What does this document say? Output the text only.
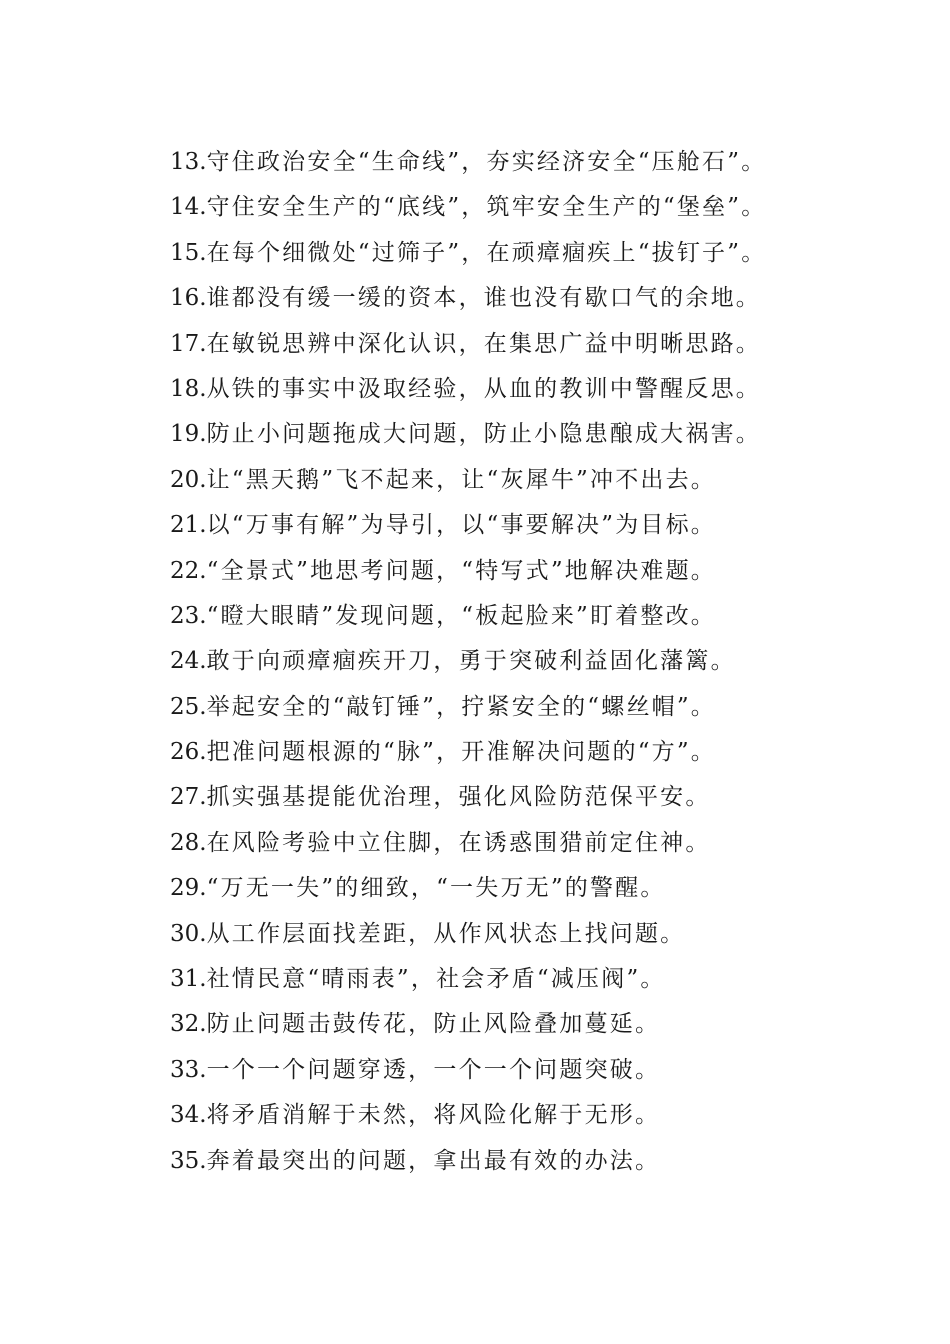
13.守住政治安全“生命线”，夯实经济安全“压舱石”。
14.守住安全生产的“底线”，筑牢安全生产的“堡垒”。
15.在每个细微处“过筛子”，在顽瘴痼疾上“拔钉子”。
16.谁都没有缓一缓的资本，谁也没有歇口气的余地。
17.在敏锐思辨中深化认识，在集思广益中明晰思路。
18.从铁的事实中汲取经验，从血的教训中警醒反思。
19.防止小问题拖成大问题，防止小隐患酿成大祸害。
20.让“黑天鹅”飞不起来，让“灰犀牛”冲不出去。
21.以“万事有解”为导引，以“事要解决”为目标。
22.“全景式”地思考问题，“特写式”地解决难题。
23.“瞪大眼睛”发现问题，“板起脸来”盯着整改。
24.敢于向顽瘴痼疾开刀，勇于突破利益固化藩篱。
25.举起安全的“敲钉锤”，拧紧安全的“螺丝帽”。
26.把准问题根源的“脉”，开准解决问题的“方”。
27.抓实强基提能优治理，强化风险防范保平安。
28.在风险考验中立住脚，在诱惑围猎前定住神。
29.“万无一失”的细致，“一失万无”的警醒。
30.从工作层面找差距，从作风状态上找问题。
31.社情民意“晴雨表”，社会矛盾“减压阀”。
32.防止问题击鼓传花，防止风险叠加蔓延。
33.一个一个问题穿透，一个一个问题突破。
34.将矛盾消解于未然，将风险化解于无形。
35.奔着最突出的问题，拿出最有效的办法。
